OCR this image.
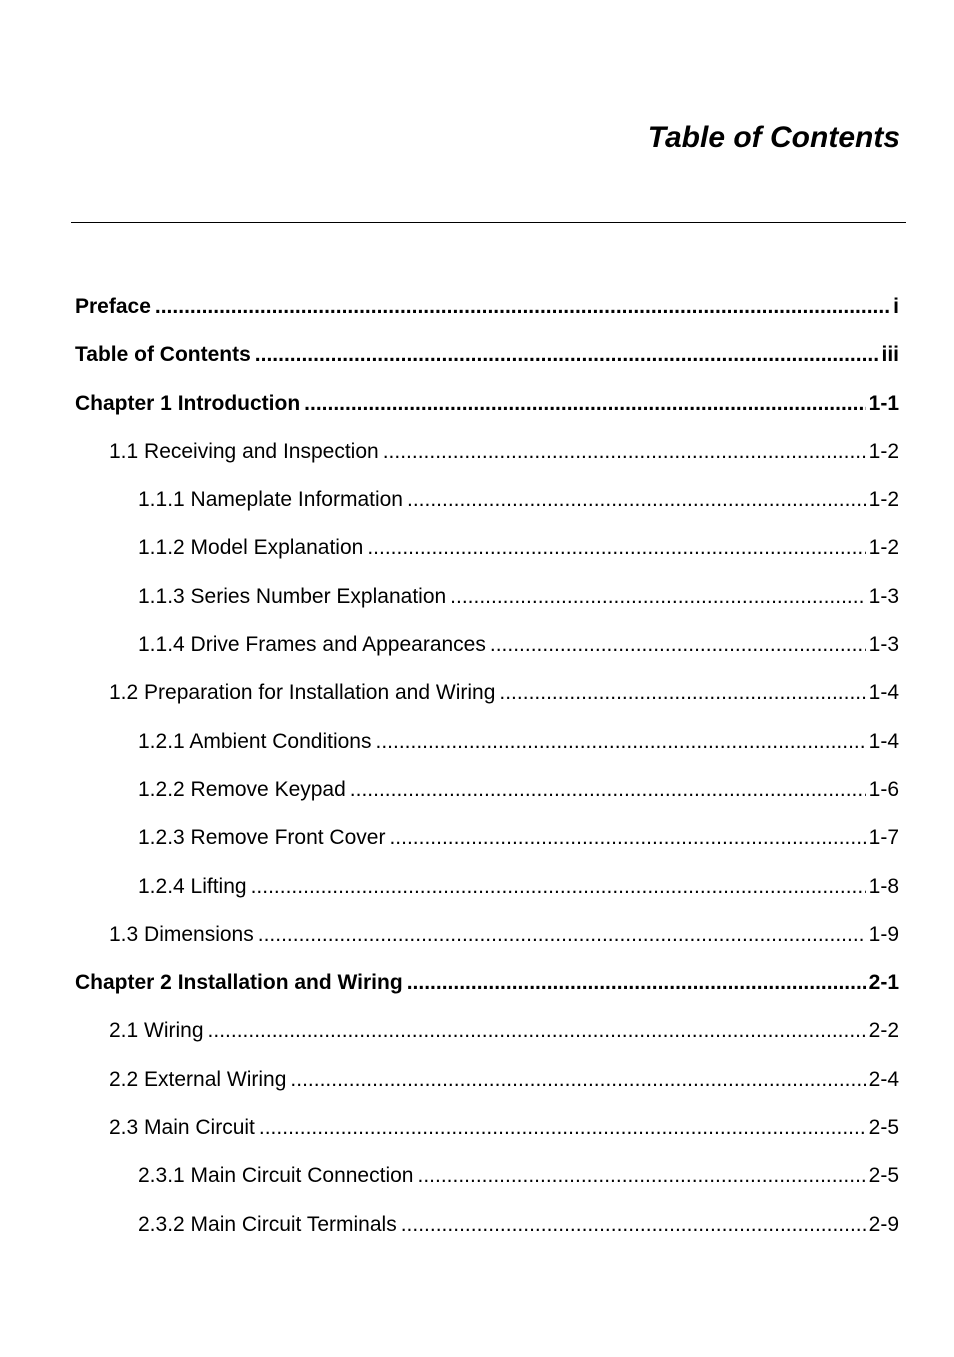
Table of Contents
Preface .....	i
Table of Contents .....	iii
Chapter 1 Introduction .....	1-1
1.1 Receiving and Inspection .....	1-2
1.1.1 Nameplate Information .....	1-2
1.1.2 Model Explanation .....	1-2
1.1.3 Series Number Explanation .....	1-3
1.1.4 Drive Frames and Appearances .....	1-3
1.2 Preparation for Installation and Wiring .....	1-4
1.2.1 Ambient Conditions .....	1-4
1.2.2 Remove Keypad .....	1-6
1.2.3 Remove Front Cover .....	1-7
1.2.4 Lifting .....	1-8
1.3 Dimensions .....	1-9
Chapter 2 Installation and Wiring .....	2-1
2.1 Wiring .....	2-2
2.2 External Wiring .....	2-4
2.3 Main Circuit .....	2-5
2.3.1 Main Circuit Connection .....	2-5
2.3.2 Main Circuit Terminals .....	2-9
